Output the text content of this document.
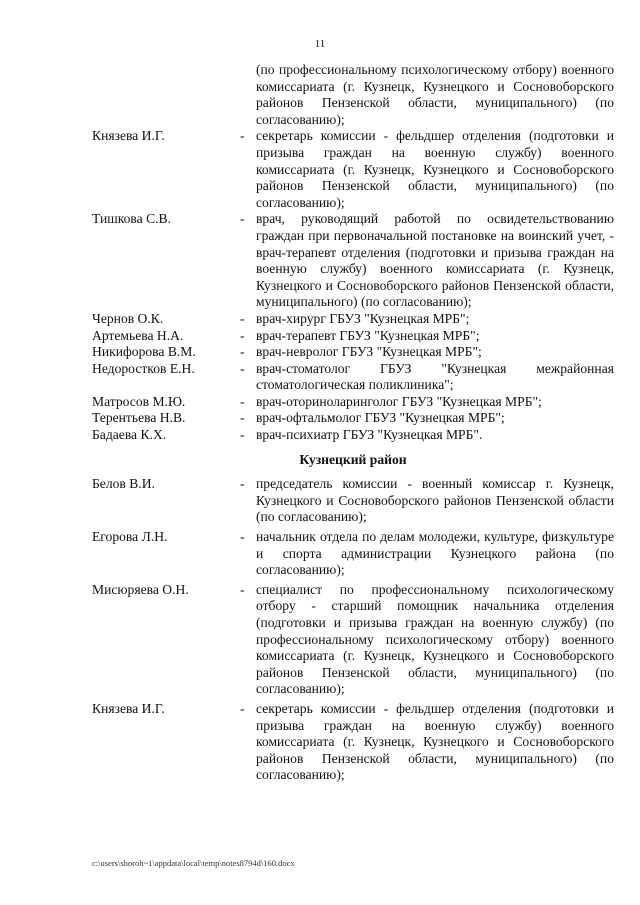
11
(по профессиональному психологическому отбору) военного комиссариата (г. Кузнецк, Кузнецкого и Сосновоборского районов Пензенской области, муниципального) (по согласованию);
Князева И.Г.	- секретарь комиссии - фельдшер отделения (подготовки и призыва граждан на военную службу) военного комиссариата (г. Кузнецк, Кузнецкого и Сосновоборского районов Пензенской области, муниципального) (по согласованию);
Тишкова С.В.	- врач, руководящий работой по освидетельствованию граждан при первоначальной постановке на воинский учет, - врач-терапевт отделения (подготовки и призыва граждан на военную службу) военного комиссариата (г. Кузнецк, Кузнецкого и Сосновоборского районов Пензенской области, муниципального) (по согласованию);
Чернов О.К.	- врач-хирург ГБУЗ "Кузнецкая МРБ";
Артемьева Н.А.	- врач-терапевт ГБУЗ "Кузнецкая МРБ";
Никифорова В.М.	- врач-невролог ГБУЗ "Кузнецкая МРБ";
Недоростков Е.Н.	- врач-стоматолог ГБУЗ "Кузнецкая межрайонная стоматологическая поликлиника";
Матросов М.Ю.	- врач-оториноларинголог ГБУЗ "Кузнецкая МРБ";
Терентьева Н.В.	- врач-офтальмолог ГБУЗ "Кузнецкая МРБ";
Бадаева К.Х.	- врач-психиатр ГБУЗ "Кузнецкая МРБ".
Кузнецкий район
Белов В.И.	- председатель комиссии - военный комиссар г. Кузнецк, Кузнецкого и Сосновоборского районов Пензенской области (по согласованию);
Егорова Л.Н.	- начальник отдела по делам молодежи, культуре, физкультуре и спорта администрации Кузнецкого района (по согласованию);
Мисюряева О.Н.	- специалист по профессиональному психологическому отбору - старший помощник начальника отделения (подготовки и призыва граждан на военную службу) (по профессиональному психологическому отбору) военного комиссариата (г. Кузнецк, Кузнецкого и Сосновоборского районов Пензенской области, муниципального) (по согласованию);
Князева И.Г.	- секретарь комиссии - фельдшер отделения (подготовки и призыва граждан на военную службу) военного комиссариата (г. Кузнецк, Кузнецкого и Сосновоборского районов Пензенской области, муниципального) (по согласованию);
c:\users\shoroh~1\appdata\local\temp\notes8794d\160.docx
